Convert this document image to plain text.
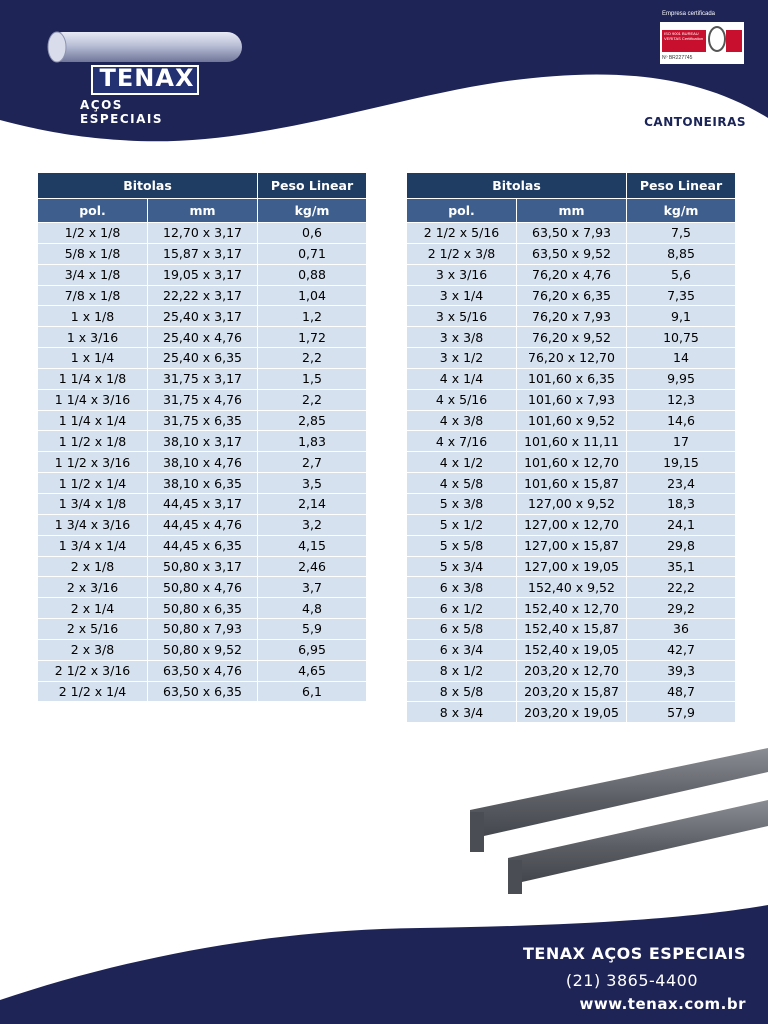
TENAX
AÇOS ESPECIAIS
Empresa certificada
ISO 9001 BUREAU VERITAS Certification
Nº BR227745
CANTONEIRAS
Bitolas		Peso Linear
pol.	mm	kg/m
1/2 x 1/8	12,70 x 3,17	0,6
5/8 x 1/8	15,87 x 3,17	0,71
3/4 x 1/8	19,05 x 3,17	0,88
7/8 x 1/8	22,22 x 3,17	1,04
1 x 1/8	25,40 x 3,17	1,2
1 x 3/16	25,40 x 4,76	1,72
1 x 1/4	25,40 x 6,35	2,2
1 1/4 x 1/8	31,75 x 3,17	1,5
1 1/4 x 3/16	31,75 x 4,76	2,2
1 1/4 x 1/4	31,75 x 6,35	2,85
1 1/2 x 1/8	38,10 x 3,17	1,83
1 1/2 x 3/16	38,10 x 4,76	2,7
1 1/2 x 1/4	38,10 x 6,35	3,5
1 3/4 x 1/8	44,45 x 3,17	2,14
1 3/4 x 3/16	44,45 x 4,76	3,2
1 3/4 x 1/4	44,45 x 6,35	4,15
2 x 1/8	50,80 x 3,17	2,46
2 x 3/16	50,80 x 4,76	3,7
2 x 1/4	50,80 x 6,35	4,8
2 x 5/16	50,80 x 7,93	5,9
2 x 3/8	50,80 x 9,52	6,95
2 1/2 x 3/16	63,50 x 4,76	4,65
2 1/2 x 1/4	63,50 x 6,35	6,1
Bitolas		Peso Linear
pol.	mm	kg/m
2 1/2 x 5/16	63,50 x 7,93	7,5
2 1/2 x 3/8	63,50 x 9,52	8,85
3 x 3/16	76,20 x 4,76	5,6
3 x 1/4	76,20 x 6,35	7,35
3 x 5/16	76,20 x 7,93	9,1
3 x 3/8	76,20 x 9,52	10,75
3 x 1/2	76,20 x 12,70	14
4 x 1/4	101,60 x 6,35	9,95
4 x 5/16	101,60 x 7,93	12,3
4 x 3/8	101,60 x 9,52	14,6
4 x 7/16	101,60 x 11,11	17
4 x 1/2	101,60 x 12,70	19,15
4 x 5/8	101,60 x 15,87	23,4
5 x 3/8	127,00 x 9,52	18,3
5 x 1/2	127,00 x 12,70	24,1
5 x 5/8	127,00 x 15,87	29,8
5 x 3/4	127,00 x 19,05	35,1
6 x 3/8	152,40 x 9,52	22,2
6 x 1/2	152,40 x 12,70	29,2
6 x 5/8	152,40 x 15,87	36
6 x 3/4	152,40 x 19,05	42,7
8 x 1/2	203,20 x 12,70	39,3
8 x 5/8	203,20 x 15,87	48,7
8 x 3/4	203,20 x 19,05	57,9
TENAX AÇOS ESPECIAIS
(21) 3865-4400
www.tenax.com.br
